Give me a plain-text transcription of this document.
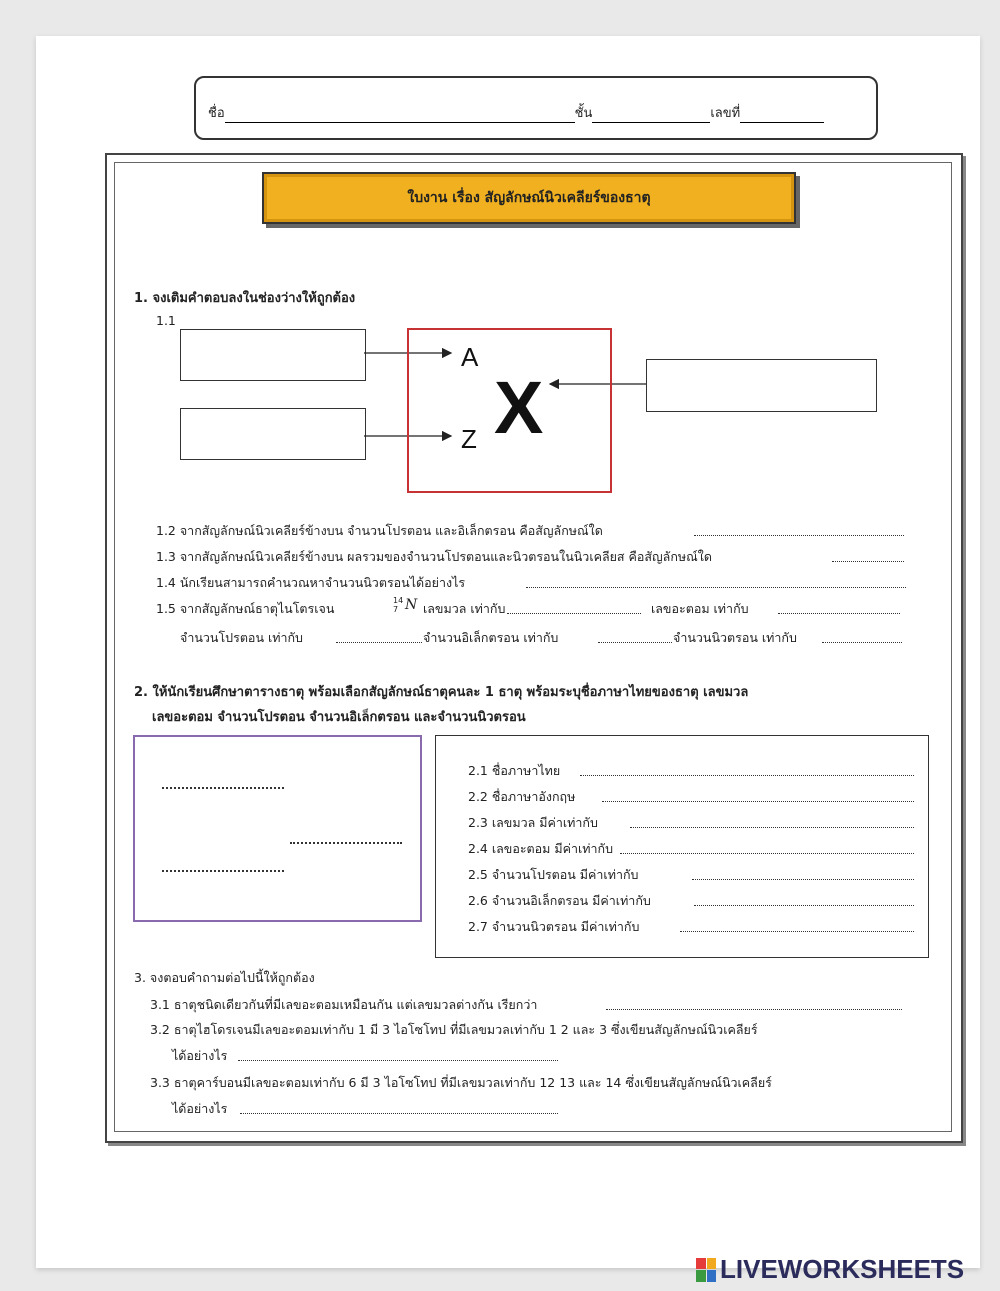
ชื่อ	ชั้น	เลขที่
ใบงาน เรื่อง สัญลักษณ์นิวเคลียร์ของธาตุ
1. จงเติมคำตอบลงในช่องว่างให้ถูกต้อง
1.1
A
Z X
1.2 จากสัญลักษณ์นิวเคลียร์ข้างบน จำนวนโปรตอน และอิเล็กตรอน คือสัญลักษณ์ใด
1.3 จากสัญลักษณ์นิวเคลียร์ข้างบน ผลรวมของจำนวนโปรตอนและนิวตรอนในนิวเคลียส คือสัญลักษณ์ใด
1.4 นักเรียนสามารถคำนวณหาจำนวนนิวตรอนได้อย่างไร
1.5 จากสัญลักษณ์ธาตุไนโตรเจน
14
7 N เลขมวล เท่ากับ	เลขอะตอม เท่ากับ
จำนวนโปรตอน เท่ากับ	จำนวนอิเล็กตรอน เท่ากับ	จำนวนนิวตรอน เท่ากับ
2. ให้นักเรียนศึกษาตารางธาตุ พร้อมเลือกสัญลักษณ์ธาตุคนละ 1 ธาตุ พร้อมระบุชื่อภาษาไทยของธาตุ เลขมวล
เลขอะตอม จำนวนโปรตอน จำนวนอิเล็กตรอน และจำนวนนิวตรอน
2.1 ชื่อภาษาไทย
2.2 ชื่อภาษาอังกฤษ
2.3 เลขมวล มีค่าเท่ากับ
2.4 เลขอะตอม มีค่าเท่ากับ
2.5 จำนวนโปรตอน มีค่าเท่ากับ
2.6 จำนวนอิเล็กตรอน มีค่าเท่ากับ
2.7 จำนวนนิวตรอน มีค่าเท่ากับ
3. จงตอบคำถามต่อไปนี้ให้ถูกต้อง
3.1 ธาตุชนิดเดียวกันที่มีเลขอะตอมเหมือนกัน แต่เลขมวลต่างกัน เรียกว่า
3.2 ธาตุไฮโดรเจนมีเลขอะตอมเท่ากับ 1 มี 3 ไอโซโทป ที่มีเลขมวลเท่ากับ 1 2 และ 3 ซึ่งเขียนสัญลักษณ์นิวเคลียร์
ได้อย่างไร
3.3 ธาตุคาร์บอนมีเลขอะตอมเท่ากับ 6 มี 3 ไอโซโทป ที่มีเลขมวลเท่ากับ 12 13 และ 14 ซึ่งเขียนสัญลักษณ์นิวเคลียร์
ได้อย่างไร
LIVEWORKSHEETS
